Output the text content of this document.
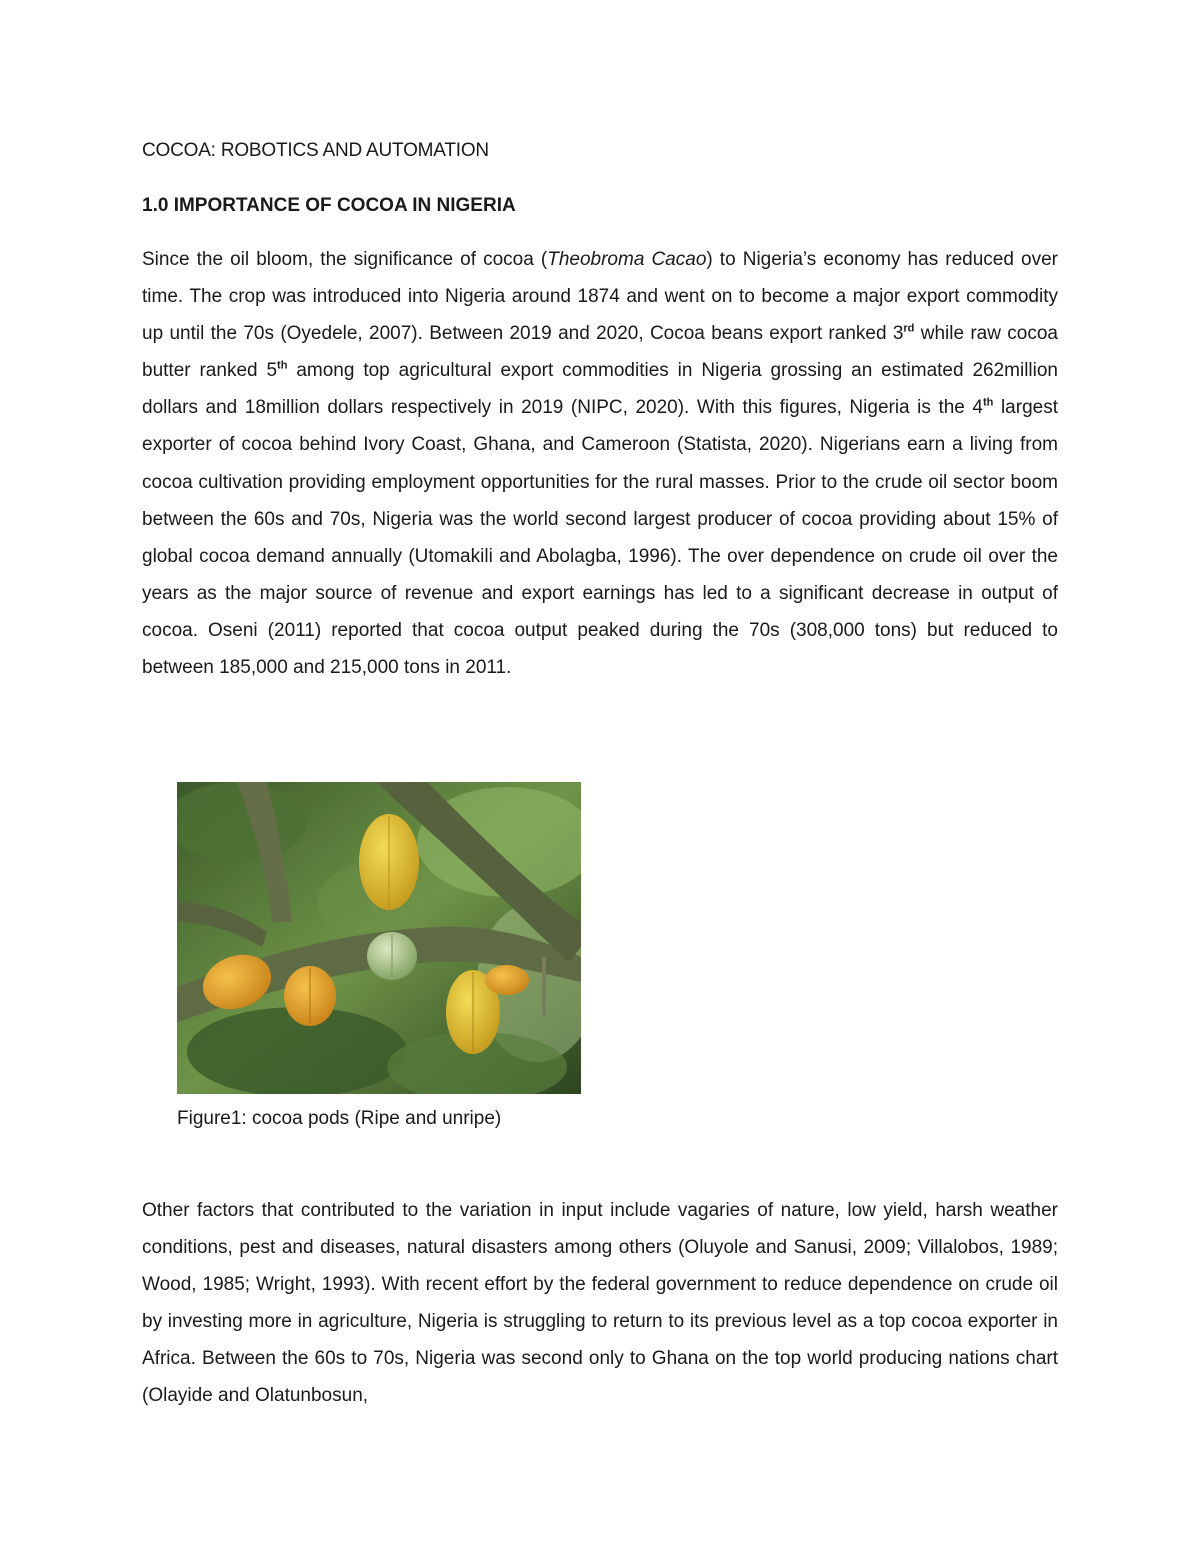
COCOA: ROBOTICS AND AUTOMATION
1.0 IMPORTANCE OF COCOA IN NIGERIA

Since the oil bloom, the significance of cocoa (Theobroma Cacao) to Nigeria’s economy has reduced over time. The crop was introduced into Nigeria around 1874 and went on to become a major export commodity up until the 70s (Oyedele, 2007). Between 2019 and 2020, Cocoa beans export ranked 3rd while raw cocoa butter ranked 5th among top agricultural export commodities in Nigeria grossing an estimated 262million dollars and 18million dollars respectively in 2019 (NIPC, 2020). With this figures, Nigeria is the 4th largest exporter of cocoa behind Ivory Coast, Ghana, and Cameroon (Statista, 2020). Nigerians earn a living from cocoa cultivation providing employment opportunities for the rural masses. Prior to the crude oil sector boom between the 60s and 70s, Nigeria was the world second largest producer of cocoa providing about 15% of global cocoa demand annually (Utomakili and Abolagba, 1996). The over dependence on crude oil over the years as the major source of revenue and export earnings has led to a significant decrease in output of cocoa. Oseni (2011) reported that cocoa output peaked during the 70s (308,000 tons) but reduced to between 185,000 and 215,000 tons in 2011.

Figure1: cocoa pods (Ripe and unripe)

Other factors that contributed to the variation in input include vagaries of nature, low yield, harsh weather conditions, pest and diseases, natural disasters among others (Oluyole and Sanusi, 2009; Villalobos, 1989; Wood, 1985; Wright, 1993). With recent effort by the federal government to reduce dependence on crude oil by investing more in agriculture, Nigeria is struggling to return to its previous level as a top cocoa exporter in Africa. Between the 60s to 70s, Nigeria was second only to Ghana on the top world producing nations chart (Olayide and Olatunbosun,
